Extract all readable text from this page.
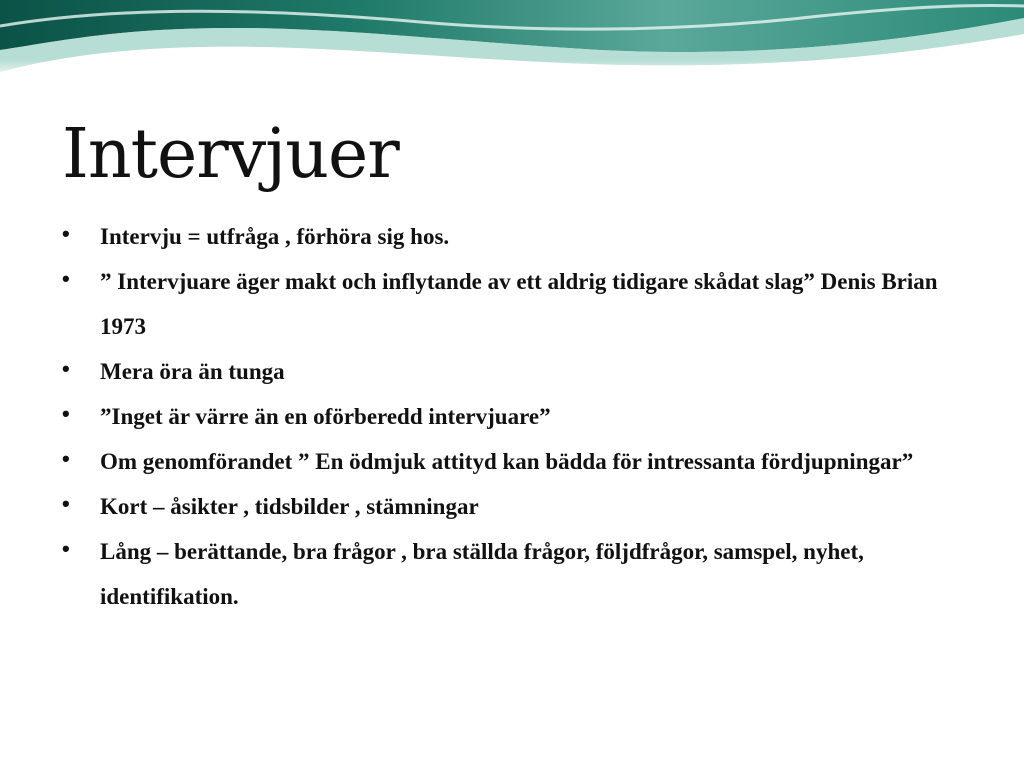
Intervjuer
• Intervju = utfråga , förhöra sig hos.
• ” Intervjuare äger makt och inflytande av ett aldrig tidigare skådat slag” Denis Brian 1973
• Mera öra än tunga
• ”Inget är värre än en oförberedd intervjuare”
• Om genomförandet ” En ödmjuk attityd kan bädda för intressanta fördjupningar”
• Kort – åsikter , tidsbilder , stämningar
• Lång – berättande, bra frågor , bra ställda frågor, följdfrågor, samspel, nyhet, identifikation.
